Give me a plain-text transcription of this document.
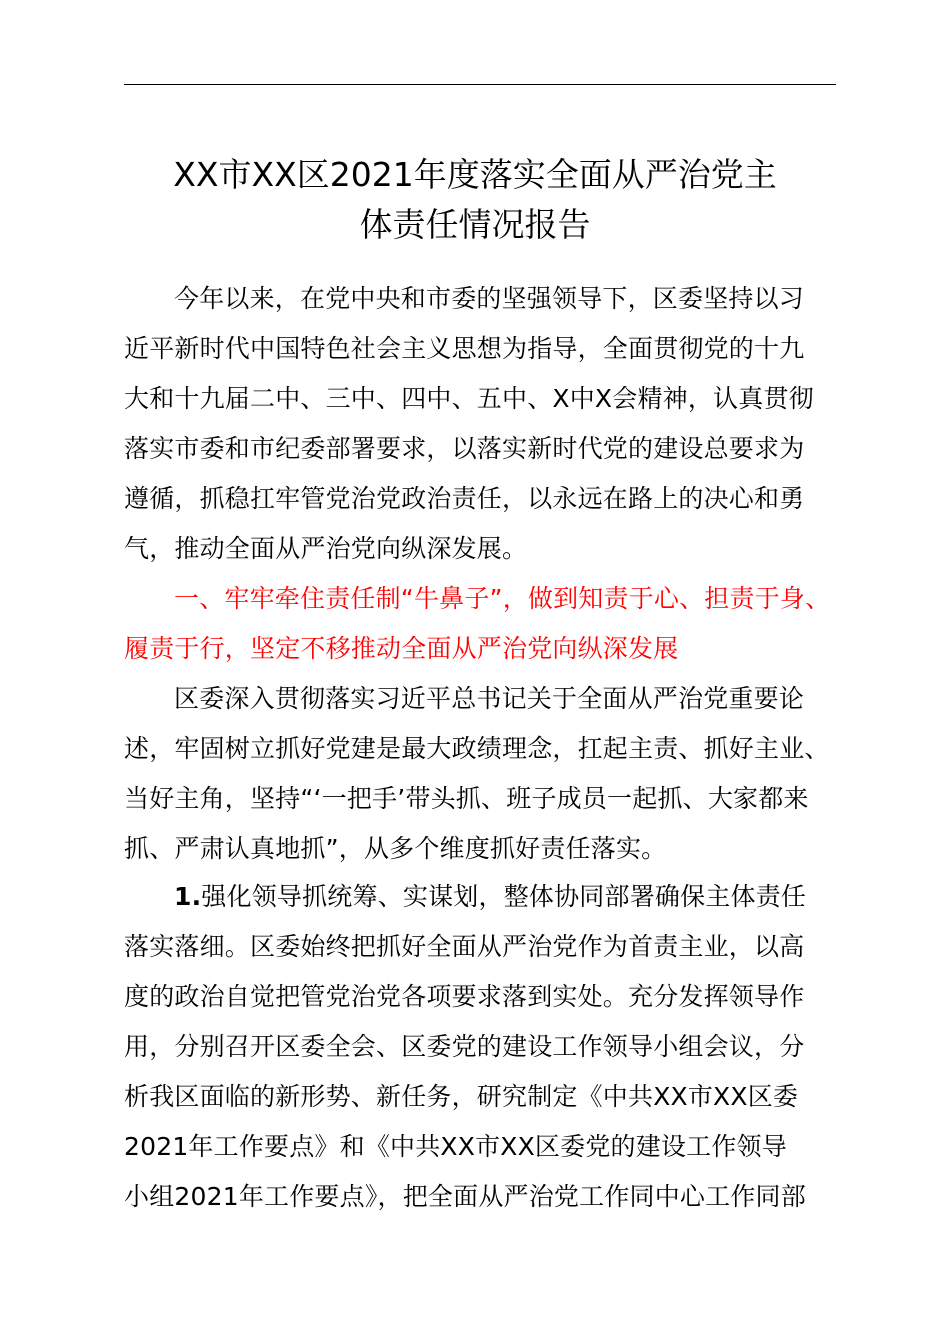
XX市XX区2021年度落实全面从严治党主
体责任情况报告
今年以来，在党中央和市委的坚强领导下，区委坚持以习
近平新时代中国特色社会主义思想为指导，全面贯彻党的十九
大和十九届二中、三中、四中、五中、X中X会精神，认真贯彻
落实市委和市纪委部署要求，以落实新时代党的建设总要求为
遵循，抓稳扛牢管党治党政治责任，以永远在路上的决心和勇
气，推动全面从严治党向纵深发展。
一、牢牢牵住责任制“牛鼻子”，做到知责于心、担责于身、
履责于行，坚定不移推动全面从严治党向纵深发展
区委深入贯彻落实习近平总书记关于全面从严治党重要论
述，牢固树立抓好党建是最大政绩理念，扛起主责、抓好主业、
当好主角，坚持“‘一把手’带头抓、班子成员一起抓、大家都来
抓、严肃认真地抓”，从多个维度抓好责任落实。
1.强化领导抓统筹、实谋划，整体协同部署确保主体责任
落实落细。区委始终把抓好全面从严治党作为首责主业，以高
度的政治自觉把管党治党各项要求落到实处。充分发挥领导作
用，分别召开区委全会、区委党的建设工作领导小组会议，分
析我区面临的新形势、新任务，研究制定《中共XX市XX区委
2021年工作要点》和《中共XX市XX区委党的建设工作领导
小组2021年工作要点》，把全面从严治党工作同中心工作同部
